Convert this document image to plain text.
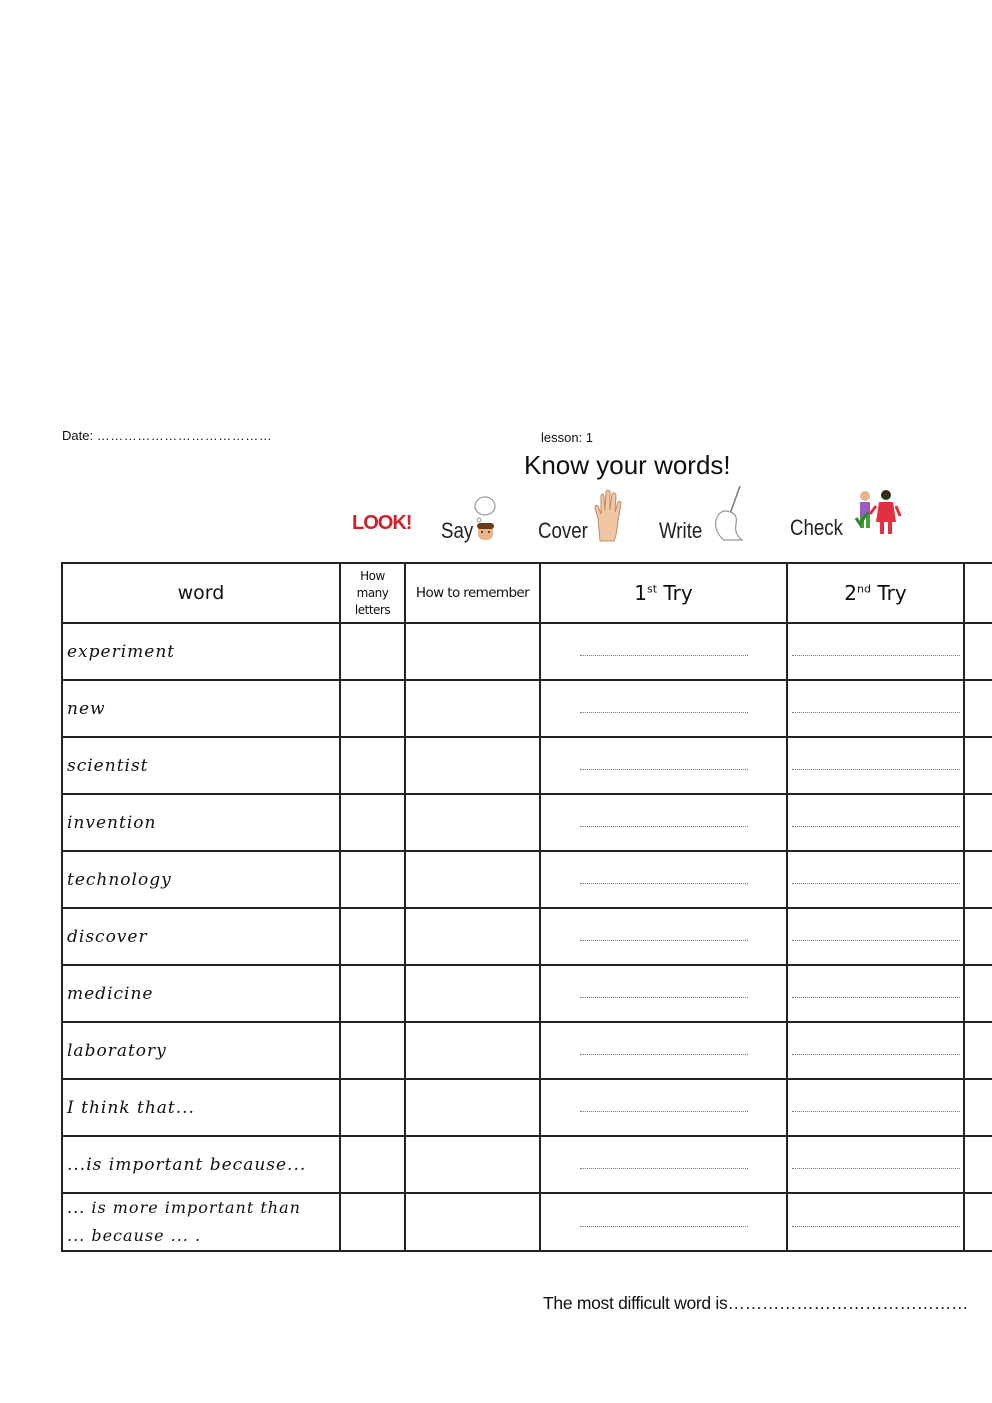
Date: …………………………………	lesson: 1
Know your words!
LOOK! Say	Cover	Write	Check
word	How
many
letters	How to remember	1st Try	2nd Try	

experiment					

new					

scientist					

invention					

technology					

discover					

medicine					

laboratory					

I think that...					

...is important because...					

... is more important than
... because ... .					

The most difficult word is……………………………………
